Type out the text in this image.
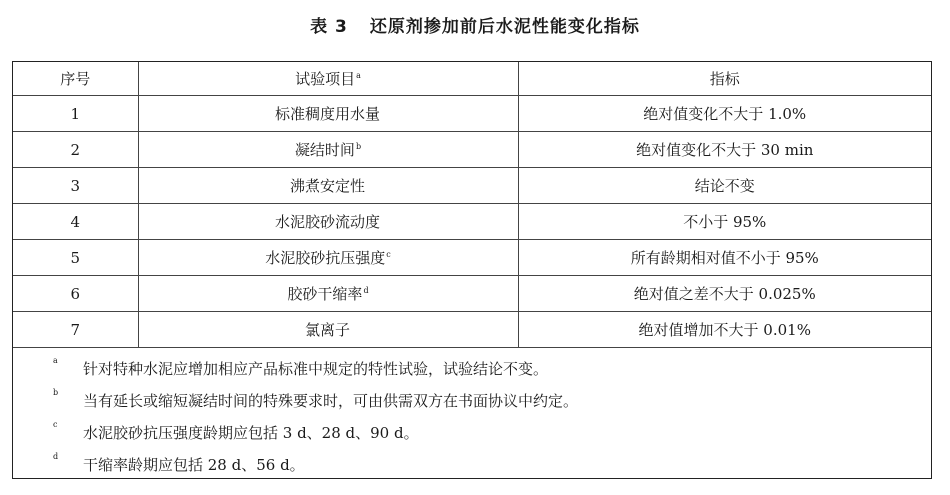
表 3 还原剂掺加前后水泥性能变化指标
序号	试验项目$^a$	指标
1	标准稠度用水量	绝对值变化不大于 1.0%
2	凝结时间$^b$	绝对值变化不大于 30 min
3	沸煮安定性	结论不变
4	水泥胶砂流动度	不小于 95%
5	水泥胶砂抗压强度$^c$	所有龄期相对值不小于 95%
6	胶砂干缩率$^d$	绝对值之差不大于 0.025%
7	氯离子	绝对值增加不大于 0.01%
a 针对特种水泥应增加相应产品标准中规定的特性试验，试验结论不变。
b 当有延长或缩短凝结时间的特殊要求时，可由供需双方在书面协议中约定。
c 水泥胶砂抗压强度龄期应包括 3 d、28 d、90 d。
d 干缩率龄期应包括 28 d、56 d。
